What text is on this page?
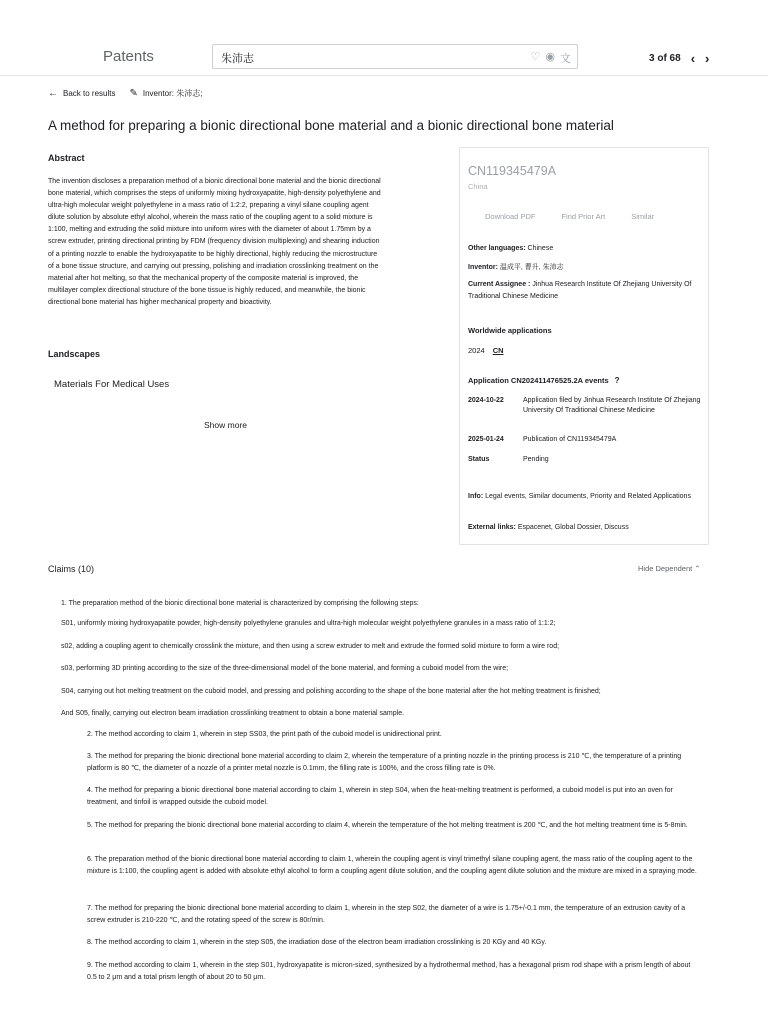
Patents	朱沛志	♡ ◉ 文	3 of 68 ‹ ›
← Back to results ✎ Inventor: 朱沛志;
A method for preparing a bionic directional bone material and a bionic directional bone material
Abstract
The invention discloses a preparation method of a bionic directional bone material and the bionic directional bone material, which comprises the steps of uniformly mixing hydroxyapatite, high-density polyethylene and ultra-high molecular weight polyethylene in a mass ratio of 1:2:2, preparing a vinyl silane coupling agent dilute solution by absolute ethyl alcohol, wherein the mass ratio of the coupling agent to a solid mixture is 1:100, melting and extruding the solid mixture into uniform wires with the diameter of about 1.75mm by a screw extruder, printing directional printing by FDM (frequency division multiplexing) and shearing induction of a printing nozzle to enable the hydroxyapatite to be highly directional, highly reducing the microstructure of a bone tissue structure, and carrying out pressing, polishing and irradiation crosslinking treatment on the material after hot melting, so that the mechanical property of the composite material is improved, the multilayer complex directional structure of the bone tissue is highly reduced, and meanwhile, the bionic directional bone material has higher mechanical property and bioactivity.
Landscapes
Materials For Medical Uses
Show more
CN119345479A
China
Download PDF	Find Prior Art	Similar
Other languages: Chinese
Inventor: 温成平, 曹升, 朱沛志
Current Assignee : Jinhua Research Institute Of Zhejiang University Of Traditional Chinese Medicine
Worldwide applications
2024 CN
Application CN202411476525.2A events ?
2024-10-22	Application filed by Jinhua Research Institute Of Zhejiang University Of Traditional Chinese Medicine
2025-01-24	Publication of CN119345479A
Status	Pending
Info: Legal events, Similar documents, Priority and Related Applications
External links: Espacenet, Global Dossier, Discuss
Claims (10)	Hide Dependent ⌃
1. The preparation method of the bionic directional bone material is characterized by comprising the following steps:
S01, uniformly mixing hydroxyapatite powder, high-density polyethylene granules and ultra-high molecular weight polyethylene granules in a mass ratio of 1:1:2;
s02, adding a coupling agent to chemically crosslink the mixture, and then using a screw extruder to melt and extrude the formed solid mixture to form a wire rod;
s03, performing 3D printing according to the size of the three-dimensional model of the bone material, and forming a cuboid model from the wire;
S04, carrying out hot melting treatment on the cuboid model, and pressing and polishing according to the shape of the bone material after the hot melting treatment is finished;
And S05, finally, carrying out electron beam irradiation crosslinking treatment to obtain a bone material sample.
2. The method according to claim 1, wherein in step SS03, the print path of the cuboid model is unidirectional print.
3. The method for preparing the bionic directional bone material according to claim 2, wherein the temperature of a printing nozzle in the printing process is 210 ℃, the temperature of a printing platform is 80 ℃, the diameter of a nozzle of a printer metal nozzle is 0.1mm, the filling rate is 100%, and the cross filling rate is 0%.
4. The method for preparing a bionic directional bone material according to claim 1, wherein in step S04, when the heat-melting treatment is performed, a cuboid model is put into an oven for treatment, and tinfoil is wrapped outside the cuboid model.
5. The method for preparing the bionic directional bone material according to claim 4, wherein the temperature of the hot melting treatment is 200 ℃, and the hot melting treatment time is 5-8min.
6. The preparation method of the bionic directional bone material according to claim 1, wherein the coupling agent is vinyl trimethyl silane coupling agent, the mass ratio of the coupling agent to the mixture is 1:100, the coupling agent is added with absolute ethyl alcohol to form a coupling agent dilute solution, and the coupling agent dilute solution and the mixture are mixed in a spraying mode.
7. The method for preparing the bionic directional bone material according to claim 1, wherein in the step S02, the diameter of a wire is 1.75+/-0.1 mm, the temperature of an extrusion cavity of a screw extruder is 210-220 ℃, and the rotating speed of the screw is 80r/min.
8. The method according to claim 1, wherein in the step S05, the irradiation dose of the electron beam irradiation crosslinking is 20 KGy and 40 KGy.
9. The method according to claim 1, wherein in the step S01, hydroxyapatite is micron-sized, synthesized by a hydrothermal method, has a hexagonal prism rod shape with a prism length of about 0.5 to 2 μm and a total prism length of about 20 to 50 μm.
